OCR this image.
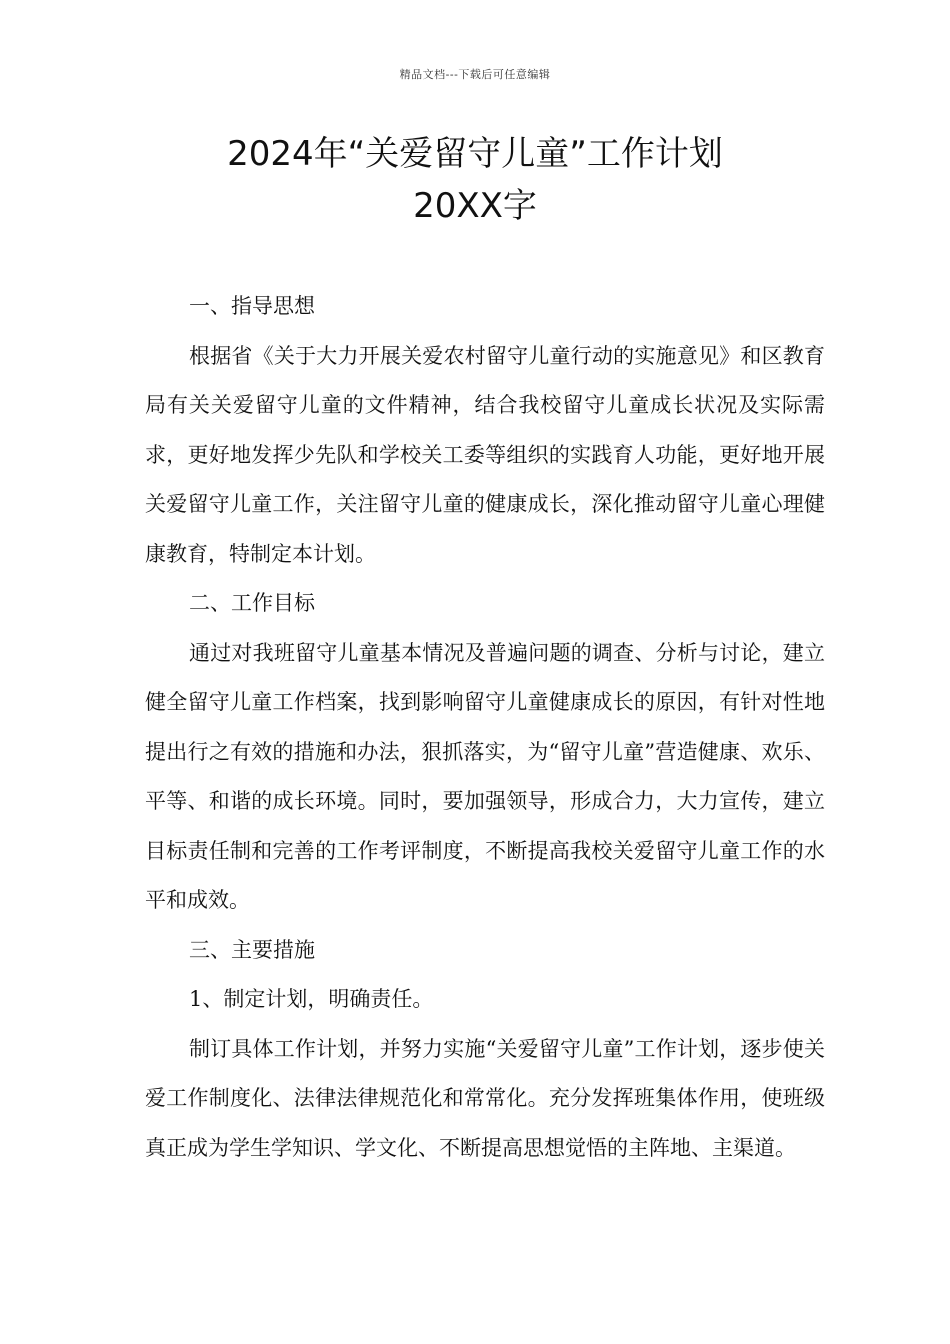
精品文档---下载后可任意编辑
2024年“关爱留守儿童”工作计划
20XX字

一、指导思想

根据省《关于大力开展关爱农村留守儿童行动的实施意见》和区教育局有关关爱留守儿童的文件精神，结合我校留守儿童成长状况及实际需求，更好地发挥少先队和学校关工委等组织的实践育人功能，更好地开展关爱留守儿童工作，关注留守儿童的健康成长，深化推动留守儿童心理健康教育，特制定本计划。

二、工作目标

通过对我班留守儿童基本情况及普遍问题的调查、分析与讨论，建立健全留守儿童工作档案，找到影响留守儿童健康成长的原因，有针对性地提出行之有效的措施和办法，狠抓落实，为“留守儿童”营造健康、欢乐、平等、和谐的成长环境。同时，要加强领导，形成合力，大力宣传，建立目标责任制和完善的工作考评制度，不断提高我校关爱留守儿童工作的水平和成效。

三、主要措施

1、制定计划，明确责任。

制订具体工作计划，并努力实施“关爱留守儿童”工作计划，逐步使关爱工作制度化、法律法律规范化和常常化。充分发挥班集体作用，使班级真正成为学生学知识、学文化、不断提高思想觉悟的主阵地、主渠道。
